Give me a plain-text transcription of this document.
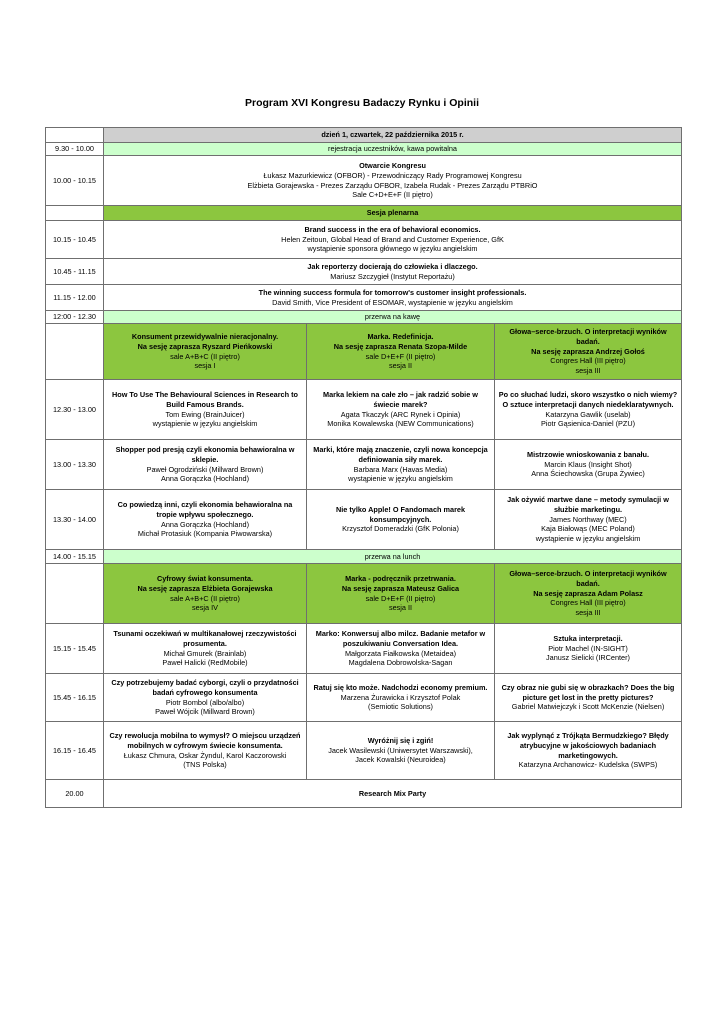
Program XVI Kongresu Badaczy Rynku i Opinii

	dzień 1, czwartek, 22 października 2015 r.		

9.30 - 10.00	rejestracja uczestników, kawa powitalna		
10.00 - 10.15	Otwarcie Kongresu
Łukasz Mazurkiewicz (OFBOR) - Przewodniczący Rady Programowej Kongresu
Elżbieta Gorajewska - Prezes Zarządu OFBOR, Izabela Rudak - Prezes Zarządu PTBRiO
Sale C+D+E+F (II piętro)		

	Sesja plenarna		

10.15 - 10.45	Brand success in the era of behavioral economics.
Helen Zeitoun, Global Head of Brand and Customer Experience, GfK
wystąpienie sponsora głównego w języku angielskim		

10.45 - 11.15	Jak reporterzy docierają do człowieka i dlaczego.
Mariusz Szczygieł (Instytut Reportażu)		

11.15 - 12.00	The winning success formula for tomorrow's customer insight professionals.
David Smith, Vice President of ESOMAR, wystąpienie w języku angielskim		

12:00 - 12.30	przerwa na kawę		

	Konsument przewidywalnie nieracjonalny.
Na sesję zaprasza Ryszard Pieńkowski
sale A+B+C (II piętro)
sesja I	Marka. Redefinicja.
Na sesję zaprasza Renata Szopa-Milde
sale D+E+F (II piętro)
sesja II	Głowa–serce-brzuch. O interpretacji wyników badań.
Na sesję zaprasza Andrzej Gołoś
Congres Hall (III piętro)
sesja III

12.30 - 13.00	How To Use The Behavioural Sciences in Research to Build Famous Brands.
Tom Ewing (BrainJuicer)
wystąpienie w języku angielskim	Marka lekiem na całe zło – jak radzić sobie w świecie marek?
Agata Tkaczyk (ARC Rynek i Opinia)
Monika Kowalewska (NEW Communications)	Po co słuchać ludzi, skoro wszystko o nich wiemy? O sztuce interpretacji danych niedeklaratywnych.
Katarzyna Gawlik (uselab)
Piotr Gąsienica-Daniel (PZU)

13.00 - 13.30	Shopper pod presją czyli ekonomia behawioralna w sklepie.
Paweł Ogrodziński (Millward Brown)
Anna Gorączka (Hochland)	Marki, które mają znaczenie, czyli nowa koncepcja definiowania siły marek.
Barbara Marx (Havas Media)
wystąpienie w języku angielskim	Mistrzowie wnioskowania z banału.
Marcin Klaus (Insight Shot)
Anna Ściechowska (Grupa Żywiec)

13.30 - 14.00	Co powiedzą inni, czyli ekonomia behawioralna na tropie wpływu społecznego.
Anna Gorączka (Hochland)
Michał Protasiuk (Kompania Piwowarska)	Nie tylko Apple! O Fandomach marek konsumpcyjnych.
Krzysztof Domeradzki (GfK Polonia)	Jak ożywić martwe dane – metody symulacji w służbie marketingu.
James Northway (MEC)
Kaja Białowąs (MEC Poland)
wystąpienie w języku angielskim

14.00 - 15.15	przerwa na lunch		

	Cyfrowy świat konsumenta.
Na sesję zaprasza Elżbieta Gorajewska
sale A+B+C (II piętro)
sesja IV	Marka - podręcznik przetrwania.
Na sesję zaprasza Mateusz Galica
sale D+E+F (II piętro)
sesja II	Głowa–serce-brzuch. O interpretacji wyników badań.
Na sesję zaprasza Adam Polasz
Congres Hall (III piętro)
sesja III

15.15 - 15.45	Tsunami oczekiwań w multikanałowej rzeczywistości prosumenta.
Michał Gmurek (Brainlab)
Paweł Halicki (RedMobile)	Marko: Konwersuj albo milcz. Badanie metafor w poszukiwaniu Conversation Idea.
Małgorzata Fiałkowska (Metaidea)
Magdalena Dobrowolska-Sagan	Sztuka interpretacji.
Piotr Machel (IN-SIGHT)
Janusz Sielicki (IRCenter)

15.45 - 16.15	Czy potrzebujemy badać cyborgi, czyli o przydatności badań cyfrowego konsumenta
Piotr Bombol (albo/albo)
Paweł Wójcik (Millward Brown)	Ratuj się kto może. Nadchodzi economy premium.
Marzena Żurawicka i Krzysztof Polak
(Semiotic Solutions)	Czy obraz nie gubi się w obrazkach? Does the big picture get lost in the pretty pictures?
Gabriel Matwiejczyk i Scott McKenzie (Nielsen)

16.15 - 16.45	Czy rewolucja mobilna to wymysł? O miejscu urządzeń mobilnych w cyfrowym świecie konsumenta.
Łukasz Chmura, Oskar Żyndul, Karol Kaczorowski
(TNS Polska)	Wyróżnij się i zgiń!
Jacek Wasilewski (Uniwersytet Warszawski),
Jacek Kowalski (Neuroidea)	Jak wyplynąć z Trójkąta Bermudzkiego? Błędy atrybucyjne w jakościowych badaniach marketingowych.
Katarzyna Archanowicz- Kudelska (SWPS)

20.00	Research Mix Party		
